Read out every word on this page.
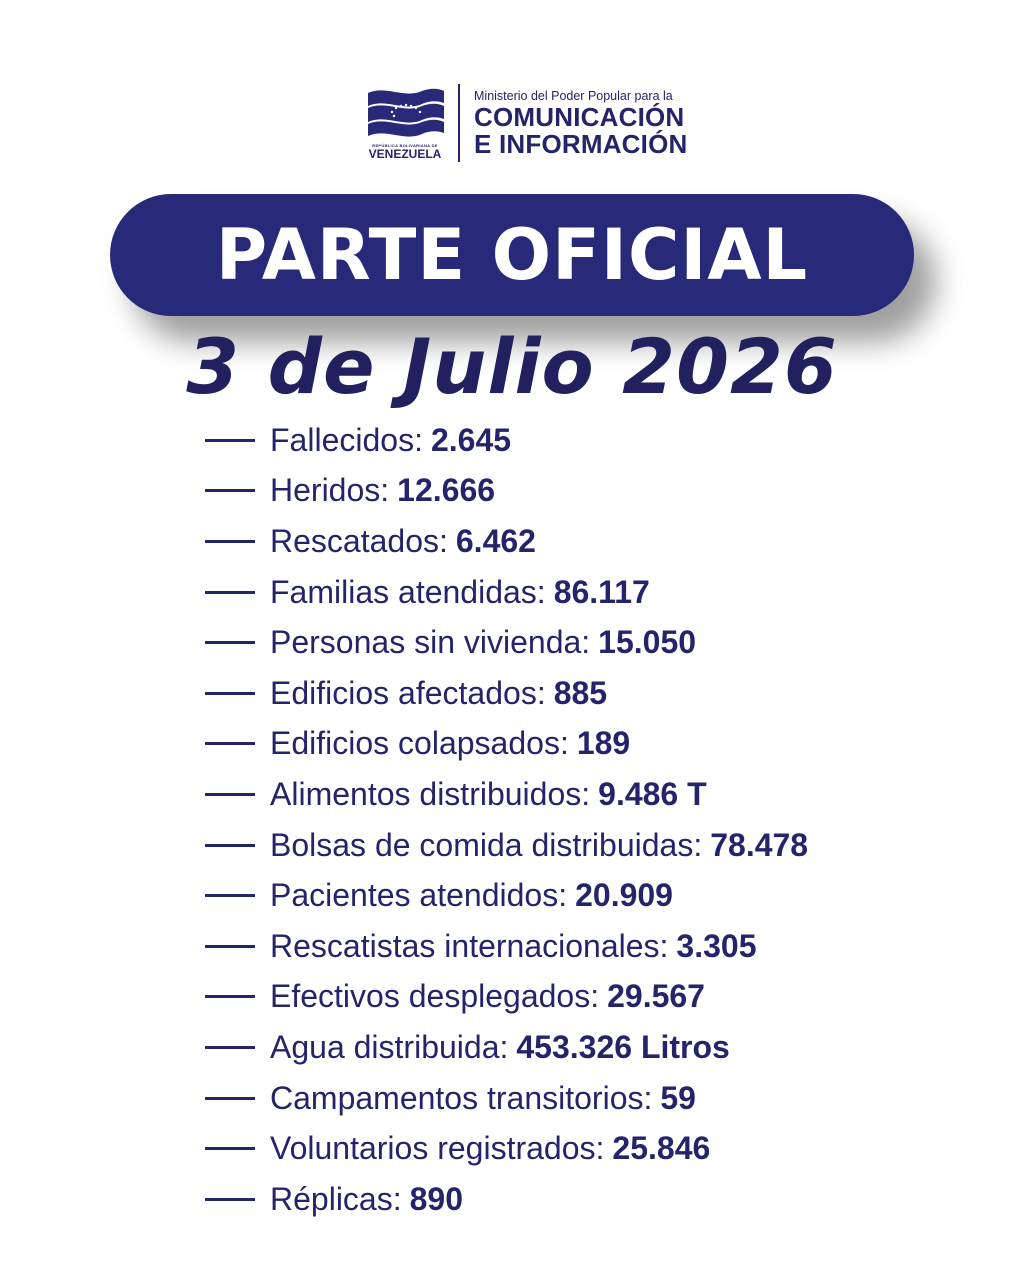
REPÚBLICA BOLIVARIANA DE
VENEZUELA
Ministerio del Poder Popular para la
COMUNICACIÓN
E INFORMACIÓN
PARTE OFICIAL
3 de Julio 2026
Fallecidos: 2.645
Heridos: 12.666
Rescatados: 6.462
Familias atendidas: 86.117
Personas sin vivienda: 15.050
Edificios afectados: 885
Edificios colapsados: 189
Alimentos distribuidos: 9.486 T
Bolsas de comida distribuidas: 78.478
Pacientes atendidos: 20.909
Rescatistas internacionales: 3.305
Efectivos desplegados: 29.567
Agua distribuida: 453.326 Litros
Campamentos transitorios: 59
Voluntarios registrados: 25.846
Réplicas: 890
